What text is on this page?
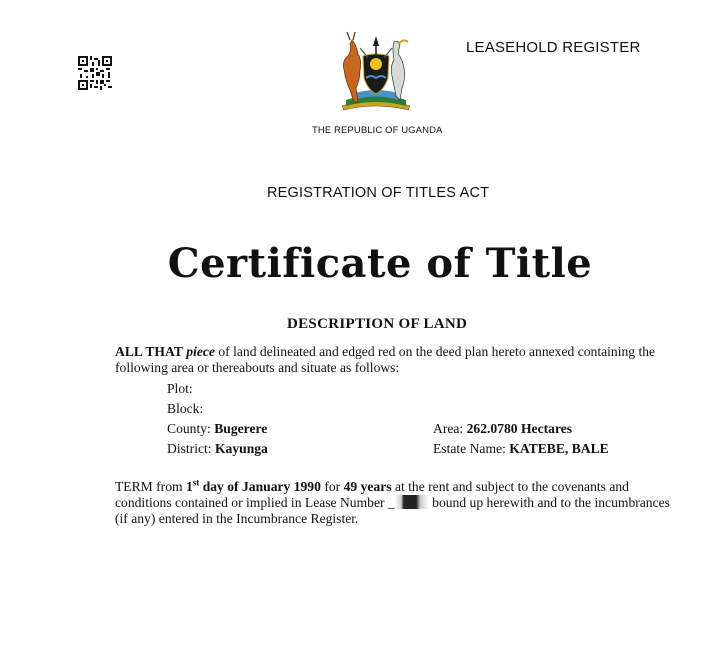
LEASEHOLD REGISTER
THE REPUBLIC OF UGANDA
REGISTRATION OF TITLES ACT
Certificate of Title
DESCRIPTION OF LAND
ALL THAT piece of land delineated and edged red on the deed plan hereto annexed containing the following area or thereabouts and situate as follows:
Plot:
Block:
County: Bugerere
District: Kayunga
Area: 262.0780 Hectares
Estate Name: KATEBE, BALE
TERM from 1st day of January 1990 for 49 years at the rent and subject to the covenants and conditions contained or implied in Lease Number _	bound up herewith and to the incumbrances (if any) entered in the Incumbrance Register.
